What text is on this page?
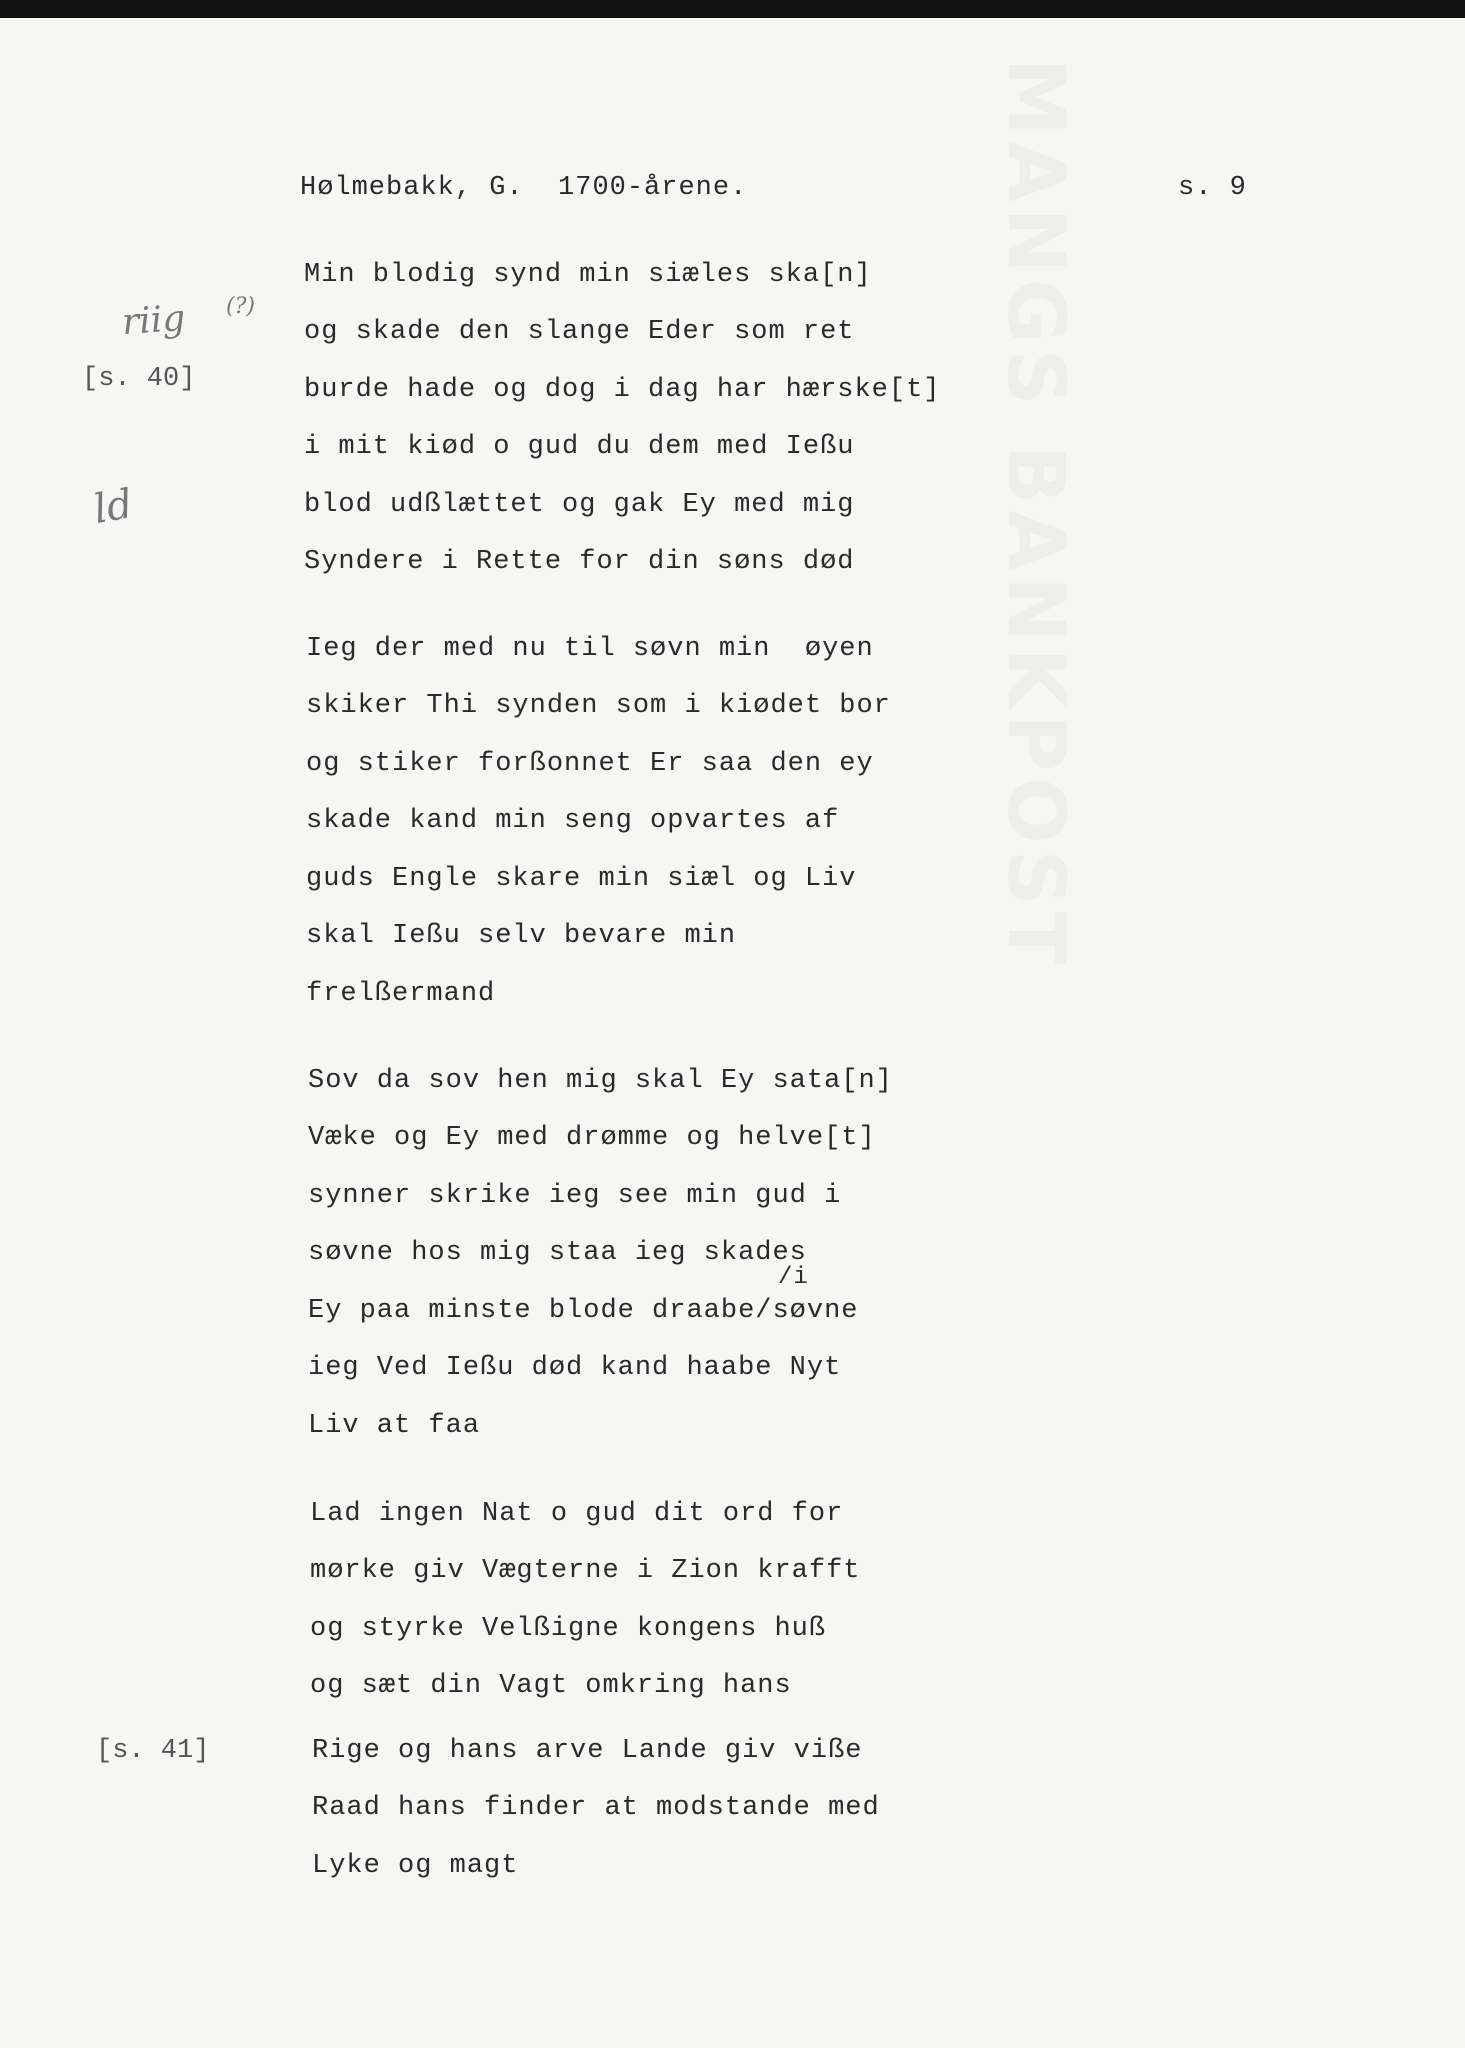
MANGS BANKPOST
Hølmebakk, G.  1700-årene.	s. 9
[s. 40]
[s. 41]
riig (?)
ld
Min blodig synd min siæles ska[n]
og skade den slange Eder som ret
burde hade og dog i dag har hærske[t]
i mit kiød o gud du dem med Ießu
blod udßlættet og gak Ey med mig
Syndere i Rette for din søns død
Ieg der med nu til søvn min  øyen
skiker Thi synden som i kiødet bor
og stiker forßonnet Er saa den ey
skade kand min seng opvartes af
guds Engle skare min siæl og Liv
skal Ießu selv bevare min
frelßermand
Sov da sov hen mig skal Ey sata[n]
Væke og Ey med drømme og helve[t]
synner skrike ieg see min gud i
søvne hos mig staa ieg skades
/i
Ey paa minste blode draabe/søvne
ieg Ved Ießu død kand haabe Nyt
Liv at faa
Lad ingen Nat o gud dit ord for
mørke giv Vægterne i Zion krafft
og styrke Velßigne kongens huß
og sæt din Vagt omkring hans
Rige og hans arve Lande giv vißе
Raad hans finder at modstande med
Lyke og magt
